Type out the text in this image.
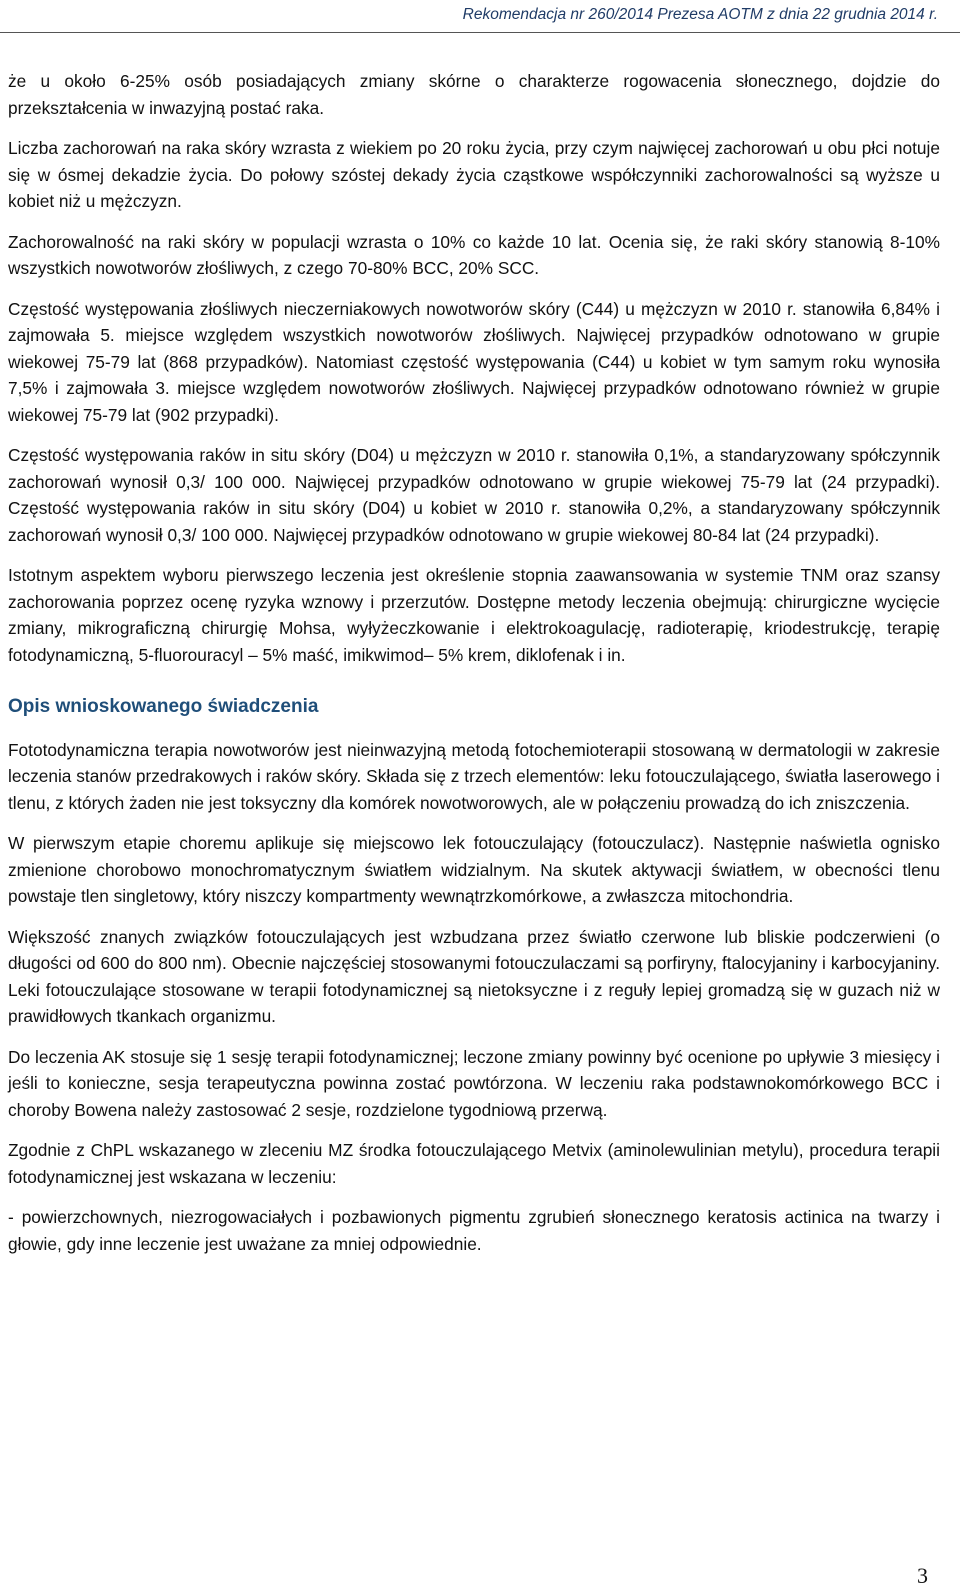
Rekomendacja nr 260/2014 Prezesa AOTM z dnia 22 grudnia 2014 r.

że u około 6-25% osób posiadających zmiany skórne o charakterze rogowacenia słonecznego, dojdzie do przekształcenia w inwazyjną postać raka.

Liczba zachorowań na raka skóry wzrasta z wiekiem po 20 roku życia, przy czym najwięcej zachorowań u obu płci notuje się w ósmej dekadzie życia. Do połowy szóstej dekady życia cząstkowe współczynniki zachorowalności są wyższe u kobiet niż u mężczyzn.

Zachorowalność na raki skóry w populacji wzrasta o 10% co każde 10 lat. Ocenia się, że raki skóry stanowią 8-10% wszystkich nowotworów złośliwych, z czego 70-80% BCC, 20% SCC.

Częstość występowania złośliwych nieczerniakowych nowotworów skóry (C44) u mężczyzn w 2010 r. stanowiła 6,84% i zajmowała 5. miejsce względem wszystkich nowotworów złośliwych. Najwięcej przypadków odnotowano w grupie wiekowej 75-79 lat (868 przypadków). Natomiast częstość występowania (C44) u kobiet w tym samym roku wynosiła 7,5% i zajmowała 3. miejsce względem nowotworów złośliwych. Najwięcej przypadków odnotowano również w grupie wiekowej 75-79 lat (902 przypadki).

Częstość występowania raków in situ skóry (D04) u mężczyzn w 2010 r. stanowiła 0,1%, a standaryzowany spółczynnik zachorowań wynosił 0,3/ 100 000. Najwięcej przypadków odnotowano w grupie wiekowej 75-79 lat (24 przypadki). Częstość występowania raków in situ skóry (D04) u kobiet w 2010 r. stanowiła 0,2%, a standaryzowany spółczynnik zachorowań wynosił 0,3/ 100 000. Najwięcej przypadków odnotowano w grupie wiekowej 80-84 lat (24 przypadki).

Istotnym aspektem wyboru pierwszego leczenia jest określenie stopnia zaawansowania w systemie TNM oraz szansy zachorowania poprzez ocenę ryzyka wznowy i przerzutów. Dostępne metody leczenia obejmują: chirurgiczne wycięcie zmiany, mikrograficzną chirurgię Mohsa, wyłyżeczkowanie i elektrokoagulację, radioterapię, kriodestrukcję, terapię fotodynamiczną, 5-fluorouracyl – 5% maść, imikwimod– 5% krem, diklofenak i in.

Opis wnioskowanego świadczenia

Fototodynamiczna terapia nowotworów jest nieinwazyjną metodą fotochemioterapii stosowaną w dermatologii w zakresie leczenia stanów przedrakowych i raków skóry. Składa się z trzech elementów: leku fotouczulającego, światła laserowego i tlenu, z których żaden nie jest toksyczny dla komórek nowotworowych, ale w połączeniu prowadzą do ich zniszczenia.

W pierwszym etapie choremu aplikuje się miejscowo lek fotouczulający (fotouczulacz). Następnie naświetla ognisko zmienione chorobowo monochromatycznym światłem widzialnym. Na skutek aktywacji światłem, w obecności tlenu powstaje tlen singletowy, który niszczy kompartmenty wewnątrzkomórkowe, a zwłaszcza mitochondria.

Większość znanych związków fotouczulających jest wzbudzana przez światło czerwone lub bliskie podczerwieni (o długości od 600 do 800 nm). Obecnie najczęściej stosowanymi fotouczulaczami są porfiryny, ftalocyjaniny i karbocyjaniny. Leki fotouczulające stosowane w terapii fotodynamicznej są nietoksyczne i z reguły lepiej gromadzą się w guzach niż w prawidłowych tkankach organizmu.

Do leczenia AK stosuje się 1 sesję terapii fotodynamicznej; leczone zmiany powinny być ocenione po upływie 3 miesięcy i jeśli to konieczne, sesja terapeutyczna powinna zostać powtórzona. W leczeniu raka podstawnokomórkowego BCC i choroby Bowena należy zastosować 2 sesje, rozdzielone tygodniową przerwą.

Zgodnie z ChPL wskazanego w zleceniu MZ środka fotouczulającego Metvix (aminolewulinian metylu), procedura terapii fotodynamicznej jest wskazana w leczeniu:

- powierzchownych, niezrogowaciałych i pozbawionych pigmentu zgrubień słonecznego keratosis actinica na twarzy i głowie, gdy inne leczenie jest uważane za mniej odpowiednie.

3
